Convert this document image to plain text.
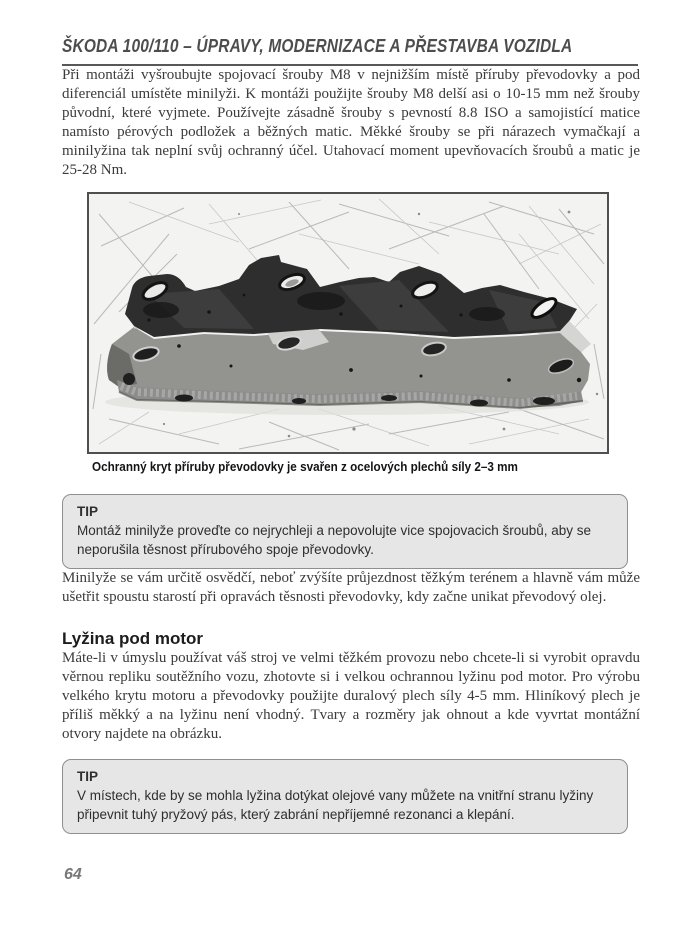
ŠKODA 100/110 – ÚPRAVY, MODERNIZACE A PŘESTAVBA VOZIDLA

Při montáži vyšroubujte spojovací šrouby M8 v nejnižším místě příruby převodovky a pod diferenciál umístěte minilyži. K montáži použijte šrouby M8 delší asi o 10-15 mm než šrouby původní, které vyjmete. Používejte zásadně šrouby s pevností 8.8 ISO a samojistící matice namísto pérových podložek a běžných matic. Měkké šrouby se při nárazech vymačkají a minilyžina tak neplní svůj ochranný účel. Utahovací moment upevňovacích šroubů a matic je 25-28 Nm.

Ochranný kryt příruby převodovky je svařen z ocelových plechů síly 2–3 mm
TIP
Montáž minilyže proveďte co nejrychleji a nepovolujte vice spojovacich šroubů, aby se neporušila těsnost přírubového spoje převodovky.

Minilyže se vám určitě osvědčí, neboť zvýšíte průjezdnost těžkým terénem a hlavně vám může ušetřit spoustu starostí při opravách těsnosti převodovky, kdy začne unikat převodový olej.

Lyžina pod motor

Máte-li v úmyslu používat váš stroj ve velmi těžkém provozu nebo chcete-li si vyrobit opravdu věrnou repliku soutěžního vozu, zhotovte si i velkou ochrannou lyžinu pod motor. Pro výrobu velkého krytu motoru a převodovky použijte duralový plech síly 4-5 mm. Hliníkový plech je příliš měkký a na lyžinu není vhodný. Tvary a rozměry jak ohnout a kde vyvrtat montážní otvory najdete na obrázku.

TIP
V místech, kde by se mohla lyžina dotýkat olejové vany můžete na vnitřní stranu lyžiny připevnit tuhý pryžový pás, který zabrání nepříjemné rezonanci a klepání.
64
